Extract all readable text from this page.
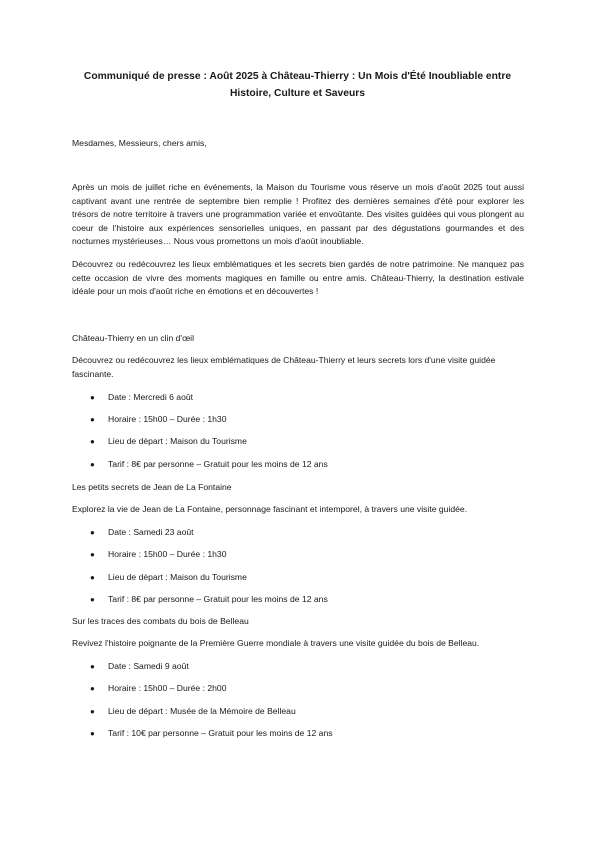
Communiqué de presse : Août 2025 à Château-Thierry : Un Mois d'Été Inoubliable entre Histoire, Culture et Saveurs

Mesdames, Messieurs, chers amis,

Après un mois de juillet riche en événements, la Maison du Tourisme vous réserve un mois d'août 2025 tout aussi captivant avant une rentrée de septembre bien remplie ! Profitez des dernières semaines d'été pour explorer les trésors de notre territoire à travers une programmation variée et envoûtante. Des visites guidées qui vous plongent au coeur de l'histoire aux expériences sensorielles uniques, en passant par des dégustations gourmandes et des nocturnes mystérieuses… Nous vous promettons un mois d'août inoubliable.

Découvrez ou redécouvrez les lieux emblématiques et les secrets bien gardés de notre patrimoine. Ne manquez pas cette occasion de vivre des moments magiques en famille ou entre amis. Château-Thierry, la destination estivale idéale pour un mois d'août riche en émotions et en découvertes !

Château-Thierry en un clin d'œil

Découvrez ou redécouvrez les lieux emblématiques de Château-Thierry et leurs secrets lors d'une visite guidée fascinante.

● Date : Mercredi 6 août
● Horaire : 15h00 – Durée : 1h30
● Lieu de départ : Maison du Tourisme
● Tarif : 8€ par personne – Gratuit pour les moins de 12 ans

Les petits secrets de Jean de La Fontaine

Explorez la vie de Jean de La Fontaine, personnage fascinant et intemporel, à travers une visite guidée.

● Date : Samedi 23 août
● Horaire : 15h00 – Durée : 1h30
● Lieu de départ : Maison du Tourisme
● Tarif : 8€ par personne – Gratuit pour les moins de 12 ans

Sur les traces des combats du bois de Belleau

Revivez l'histoire poignante de la Première Guerre mondiale à travers une visite guidée du bois de Belleau.

● Date : Samedi 9 août
● Horaire : 15h00 – Durée : 2h00
● Lieu de départ : Musée de la Mémoire de Belleau
● Tarif : 10€ par personne – Gratuit pour les moins de 12 ans
